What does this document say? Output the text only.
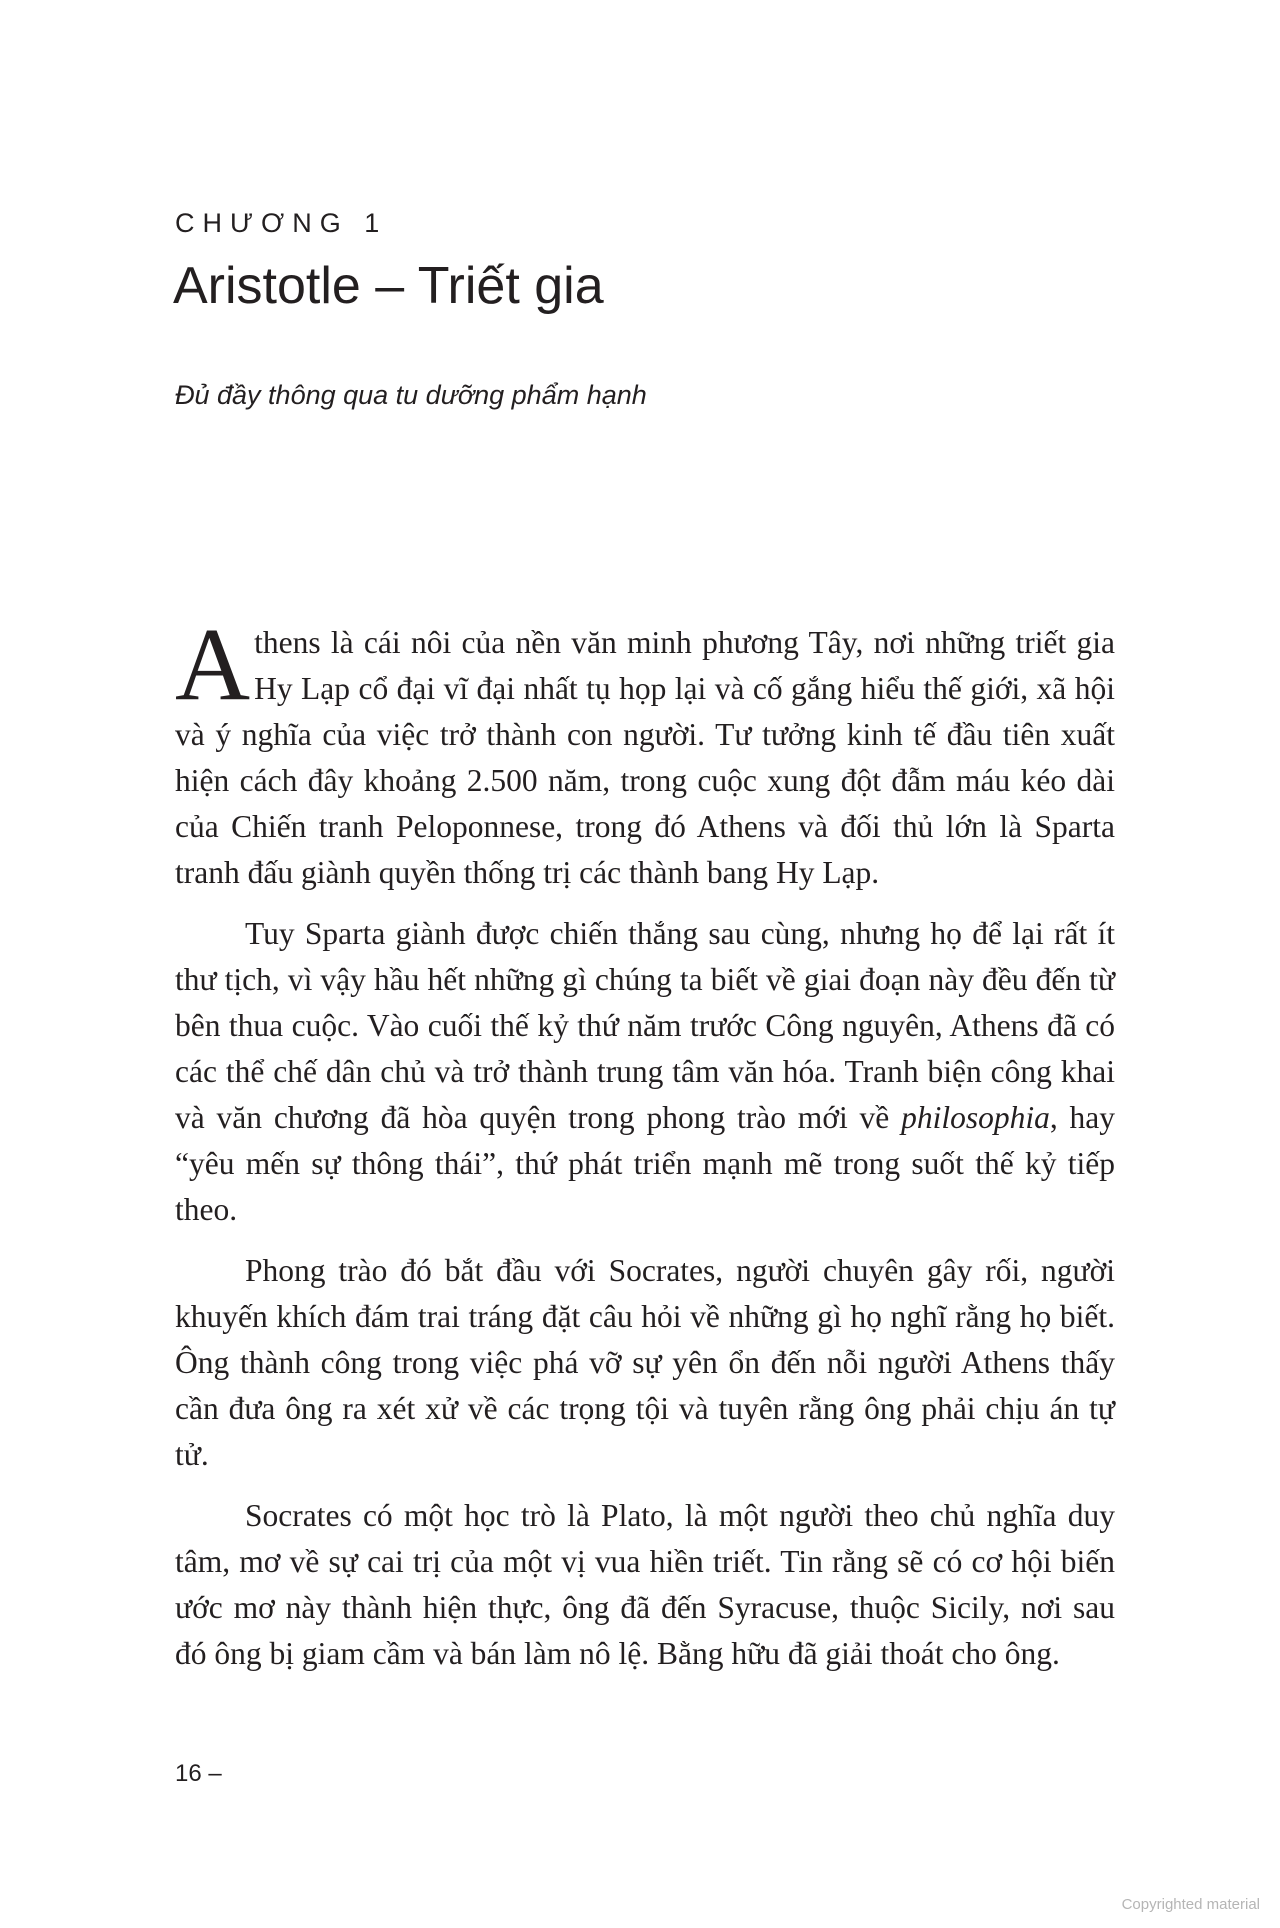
CHƯƠNG 1
Aristotle – Triết gia
Đủ đầy thông qua tu dưỡng phẩm hạnh

Athens là cái nôi của nền văn minh phương Tây, nơi những triết gia Hy Lạp cổ đại vĩ đại nhất tụ họp lại và cố gắng hiểu thế giới, xã hội và ý nghĩa của việc trở thành con người. Tư tưởng kinh tế đầu tiên xuất hiện cách đây khoảng 2.500 năm, trong cuộc xung đột đẫm máu kéo dài của Chiến tranh Peloponnese, trong đó Athens và đối thủ lớn là Sparta tranh đấu giành quyền thống trị các thành bang Hy Lạp.

Tuy Sparta giành được chiến thắng sau cùng, nhưng họ để lại rất ít thư tịch, vì vậy hầu hết những gì chúng ta biết về giai đoạn này đều đến từ bên thua cuộc. Vào cuối thế kỷ thứ năm trước Công nguyên, Athens đã có các thể chế dân chủ và trở thành trung tâm văn hóa. Tranh biện công khai và văn chương đã hòa quyện trong phong trào mới về philosophia, hay “yêu mến sự thông thái”, thứ phát triển mạnh mẽ trong suốt thế kỷ tiếp theo.

Phong trào đó bắt đầu với Socrates, người chuyên gây rối, người khuyến khích đám trai tráng đặt câu hỏi về những gì họ nghĩ rằng họ biết. Ông thành công trong việc phá vỡ sự yên ổn đến nỗi người Athens thấy cần đưa ông ra xét xử về các trọng tội và tuyên rằng ông phải chịu án tự tử.

Socrates có một học trò là Plato, là một người theo chủ nghĩa duy tâm, mơ về sự cai trị của một vị vua hiền triết. Tin rằng sẽ có cơ hội biến ước mơ này thành hiện thực, ông đã đến Syracuse, thuộc Sicily, nơi sau đó ông bị giam cầm và bán làm nô lệ. Bằng hữu đã giải thoát cho ông.

16 –
Copyrighted material
